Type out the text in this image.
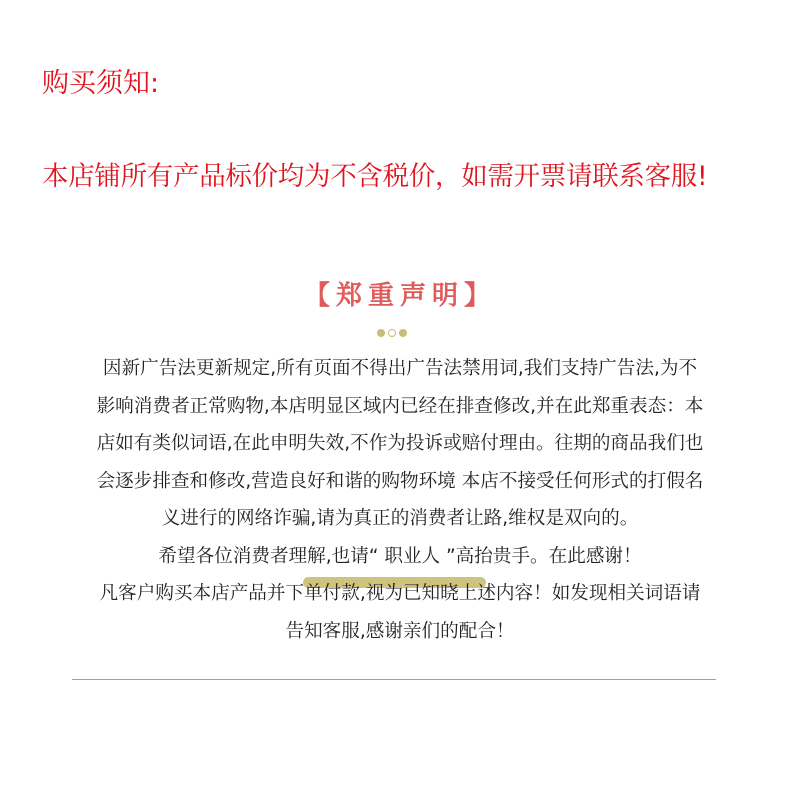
购买须知:
本店铺所有产品标价均为不含税价，如需开票请联系客服!
【郑重声明】
因新广告法更新规定,所有页面不得出广告法禁用词,我们支持广告法,为不
影响消费者正常购物,本店明显区域内已经在排查修改,并在此郑重表态：本
店如有类似词语,在此申明失效,不作为投诉或赔付理由。往期的商品我们也
会逐步排查和修改,营造良好和谐的购物环境 本店不接受任何形式的打假名
义进行的网络诈骗,请为真正的消费者让路,维权是双向的。
希望各位消费者理解,也请“ 职业人 ”高抬贵手。在此感谢！
凡客户购买本店产品并下单付款,视为已知晓上述内容！如发现相关词语请
告知客服,感谢亲们的配合！
